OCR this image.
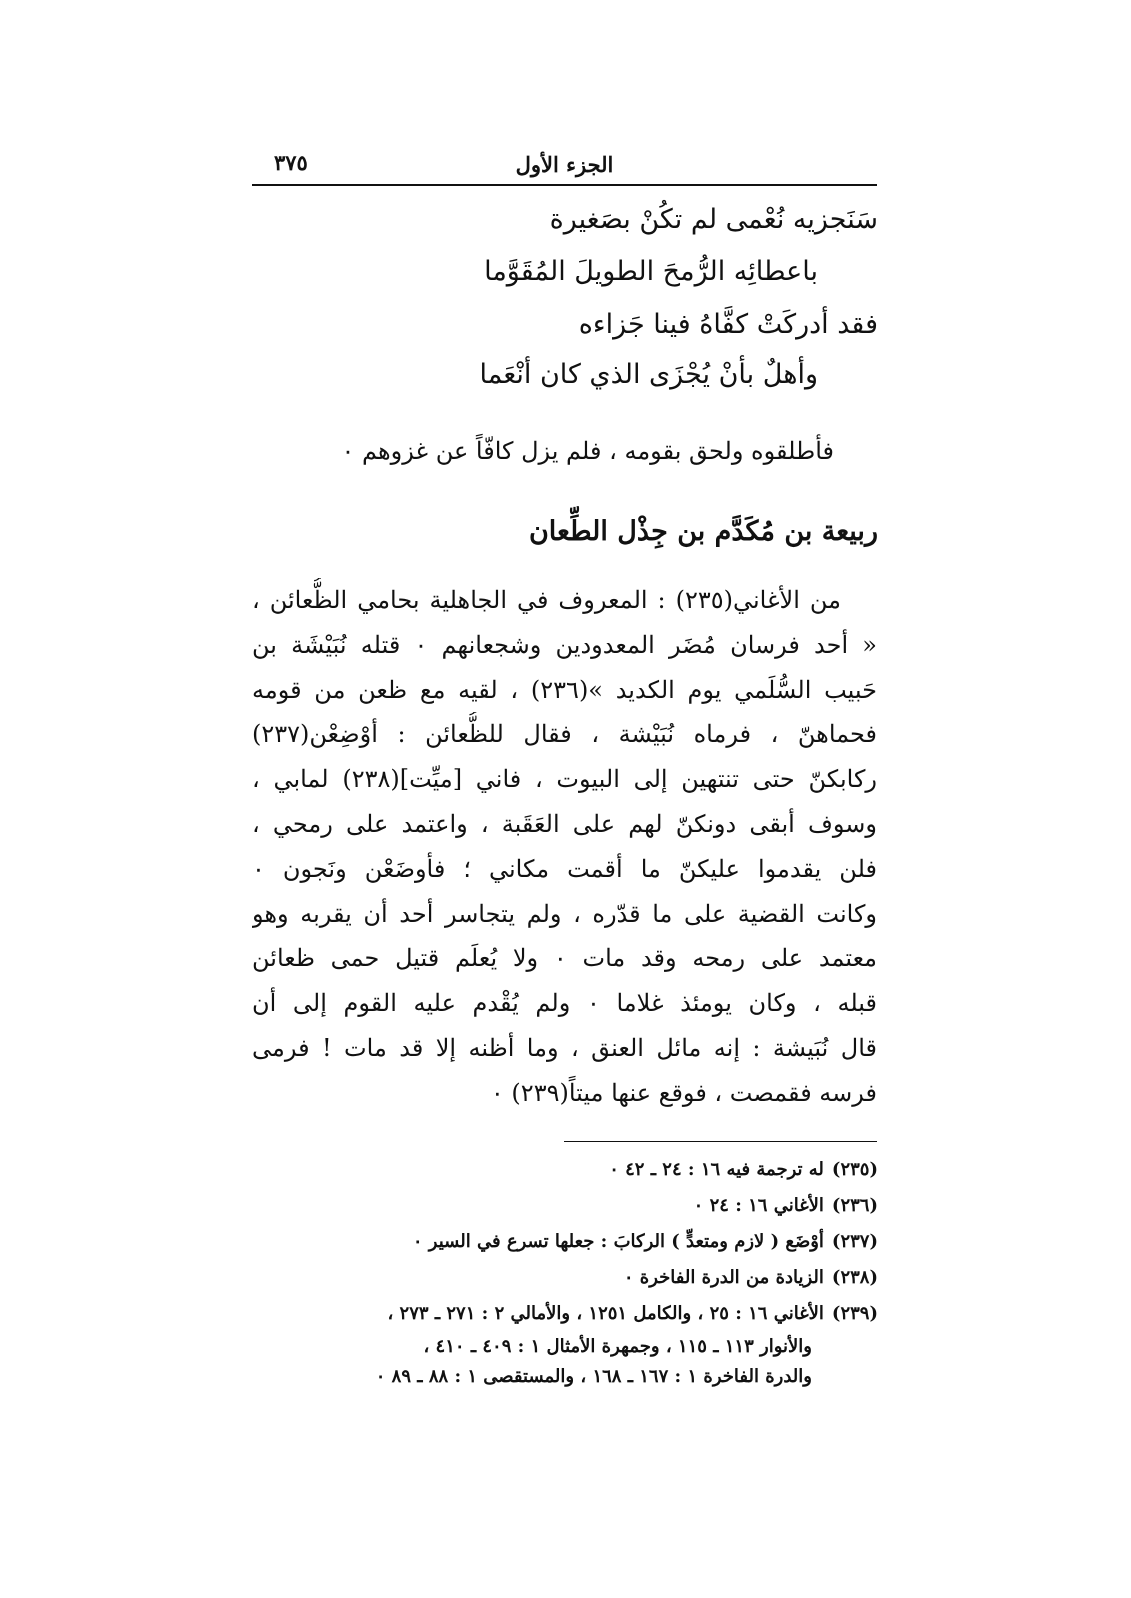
الجزء الأول
٣٧٥
سَنَجزيه نُعْمى لم تكُنْ بصَغيرة
باعطائِه الرُّمحَ الطويلَ المُقَوَّما
فقد أدركَتْ كفَّاهُ فينا جَزاءه
وأهلٌ بأنْ يُجْزَى الذي كان أنْعَما
فأطلقوه ولحق بقومه ، فلم يزل كافّاً عن غزوهم ٠
ربيعة بن مُكَدَّم بن جِذْل الطِّعان
من الأغاني(٢٣٥) : المعروف في الجاهلية بحامي الظُّعائن ،
« أحد فرسان مُضَر المعدودين وشجعانهم ٠ قتله نُبَيْشَة بن
حَبيب السُّلَمي يوم الكديد »(٢٣٦) ، لقيه مع ظعن من قومه
فحماهنّ ، فرماه نُبَيْشة ، فقال للظُّعائن : أوْضِعْن(٢٣٧)
ركابكنّ حتى تنتهين إلى البيوت ، فاني [ميِّت](٢٣٨) لمابي ،
وسوف أبقى دونكنّ لهم على العَقَبة ، واعتمد على رمحي ،
فلن يقدموا عليكنّ ما أقمت مكاني ؛ فأوضَعْن ونَجون ٠
وكانت القضية على ما قدّره ، ولم يتجاسر أحد أن يقربه وهو
معتمد على رمحه وقد مات ٠ ولا يُعلَم قتيل حمى ظعائن
قبله ، وكان يومئذ غلاما ٠ ولم يُقْدم عليه القوم إلى أن
قال نُبَيشة : إنه مائل العنق ، وما أظنه إلا قد مات ! فرمى
فرسه فقمصت ، فوقع عنها ميتاً(٢٣٩) ٠
(٢٣٥)له ترجمة فيه ١٦ : ٢٤ ـ ٤٢ ٠
(٢٣٦)الأغاني ١٦ : ٢٤ ٠
(٢٣٧)أوْضَع ( لازم ومتعدٍّ ) الركابَ : جعلها تسرع في السير ٠
(٢٣٨)الزيادة من الدرة الفاخرة ٠
(٢٣٩)الأغاني ١٦ : ٢٥ ، والكامل ١٢٥١ ، والأمالي ٢ : ٢٧١ ـ ٢٧٣ ،
والأنوار ١١٣ ـ ١١٥ ، وجمهرة الأمثال ١ : ٤٠٩ ـ ٤١٠ ،
والدرة الفاخرة ١ : ١٦٧ ـ ١٦٨ ، والمستقصى ١ : ٨٨ ـ ٨٩ ٠
